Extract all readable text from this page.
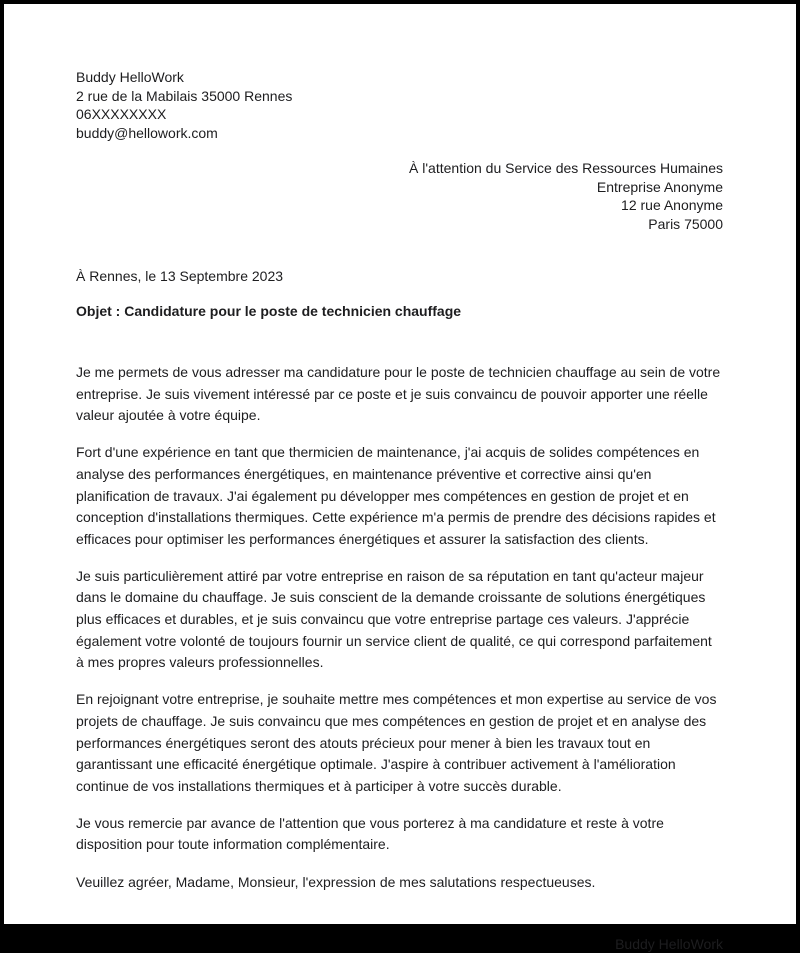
Buddy HelloWork
2 rue de la Mabilais 35000 Rennes
06XXXXXXXX
buddy@hellowork.com
À l'attention du Service des Ressources Humaines
Entreprise Anonyme
12 rue Anonyme
Paris 75000
À Rennes, le 13 Septembre 2023
Objet : Candidature pour le poste de technicien chauffage

Je me permets de vous adresser ma candidature pour le poste de technicien chauffage au sein de votre entreprise. Je suis vivement intéressé par ce poste et je suis convaincu de pouvoir apporter une réelle valeur ajoutée à votre équipe.

Fort d'une expérience en tant que thermicien de maintenance, j'ai acquis de solides compétences en analyse des performances énergétiques, en maintenance préventive et corrective ainsi qu'en planification de travaux. J'ai également pu développer mes compétences en gestion de projet et en conception d'installations thermiques. Cette expérience m'a permis de prendre des décisions rapides et efficaces pour optimiser les performances énergétiques et assurer la satisfaction des clients.

Je suis particulièrement attiré par votre entreprise en raison de sa réputation en tant qu'acteur majeur dans le domaine du chauffage. Je suis conscient de la demande croissante de solutions énergétiques plus efficaces et durables, et je suis convaincu que votre entreprise partage ces valeurs. J'apprécie également votre volonté de toujours fournir un service client de qualité, ce qui correspond parfaitement à mes propres valeurs professionnelles.

En rejoignant votre entreprise, je souhaite mettre mes compétences et mon expertise au service de vos projets de chauffage. Je suis convaincu que mes compétences en gestion de projet et en analyse des performances énergétiques seront des atouts précieux pour mener à bien les travaux tout en garantissant une efficacité énergétique optimale. J'aspire à contribuer activement à l'amélioration continue de vos installations thermiques et à participer à votre succès durable.

Je vous remercie par avance de l'attention que vous porterez à ma candidature et reste à votre disposition pour toute information complémentaire.

Veuillez agréer, Madame, Monsieur, l'expression de mes salutations respectueuses.
Buddy HelloWork
